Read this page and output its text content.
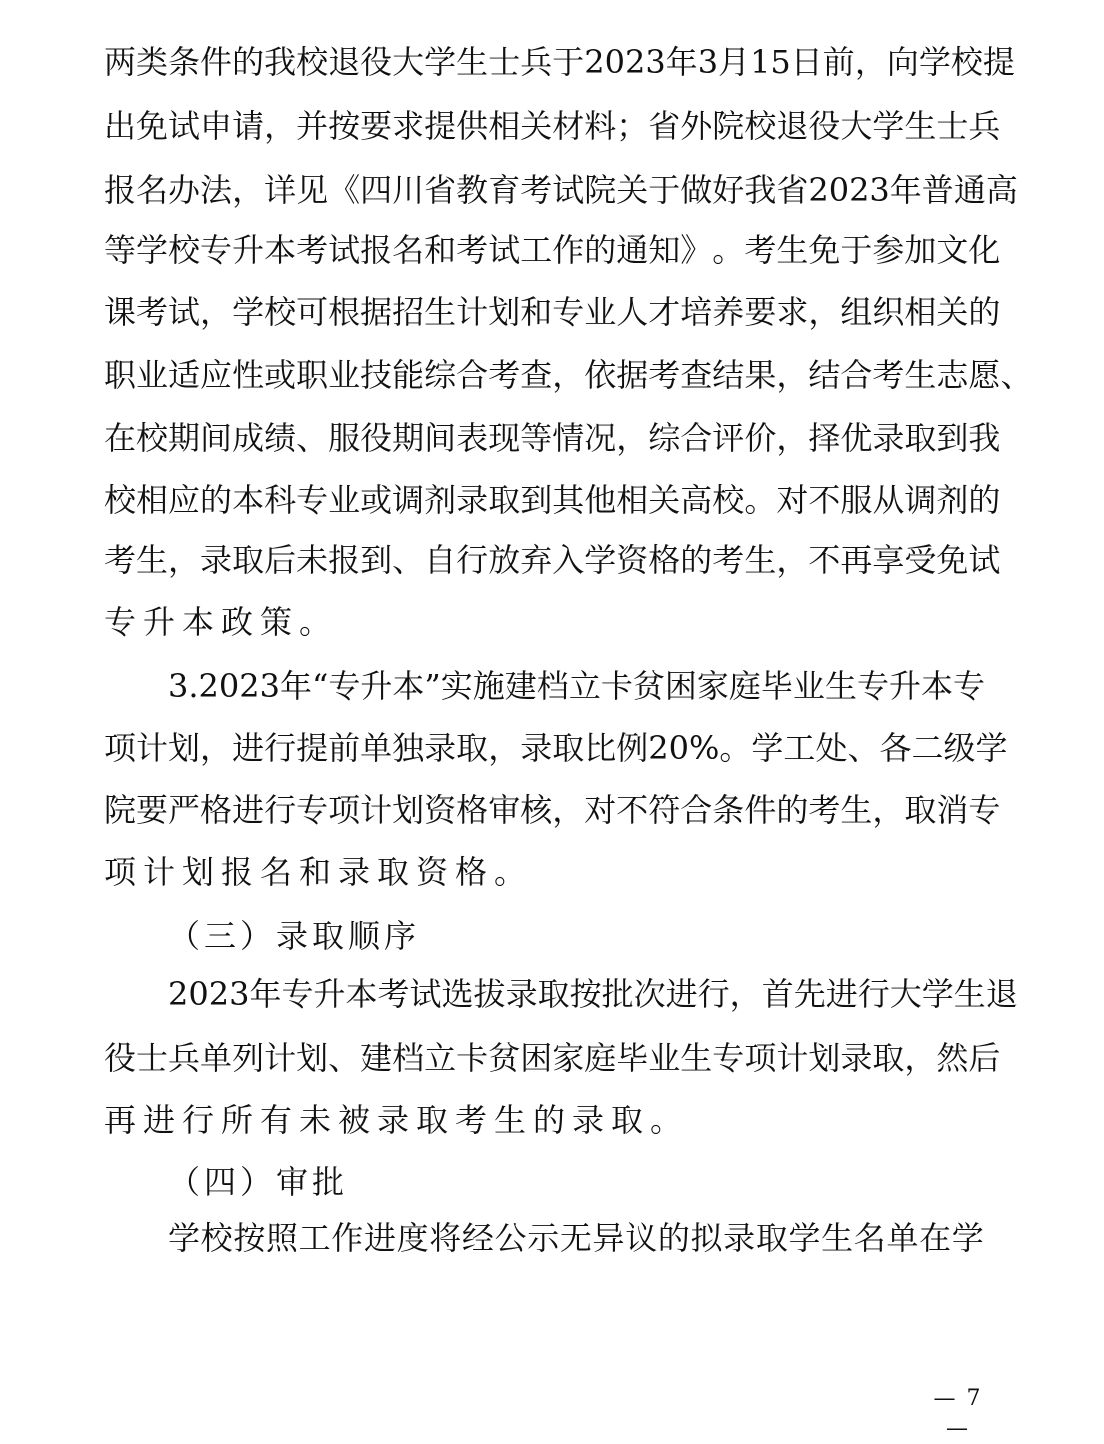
两 类 条 件 的 我 校 退 役 大 学 生 士 兵 于 2023 年 3 月 15 日 前 ， 向 学 校 提
出 免 试 申 请 ， 并 按 要 求 提 供 相 关 材 料 ； 省 外 院 校 退 役 大 学 生 士 兵
报 名 办 法 ， 详 见 《 四 川 省 教 育 考 试 院 关 于 做 好 我 省 2023 年 普 通 高
等 学 校 专 升 本 考 试 报 名 和 考 试 工 作 的 通 知 》 。 考 生 免 于 参 加 文 化
课 考 试 ， 学 校 可 根 据 招 生 计 划 和 专 业 人 才 培 养 要 求 ， 组 织 相 关 的
职 业 适 应 性 或 职 业 技 能 综 合 考 查 ， 依 据 考 查 结 果 ， 结 合 考 生 志 愿 、
在 校 期 间 成 绩 、 服 役 期 间 表 现 等 情 况 ， 综 合 评 价 ， 择 优 录 取 到 我
校 相 应 的 本 科 专 业 或 调 剂 录 取 到 其 他 相 关 高 校 。 对 不 服 从 调 剂 的
考 生 ， 录 取 后 未 报 到 、 自 行 放 弃 入 学 资 格 的 考 生 ， 不 再 享 受 免 试
专升本政策。
3.2023 年 “ 专 升 本 ” 实 施 建 档 立 卡 贫 困 家 庭 毕 业 生 专 升 本 专
项 计 划 ， 进 行 提 前 单 独 录 取 ， 录 取 比 例 20% 。 学 工 处 、 各 二 级 学
院 要 严 格 进 行 专 项 计 划 资 格 审 核 ， 对 不 符 合 条 件 的 考 生 ， 取 消 专
项计划报名和录取资格。
（三）录取顺序
2023 年 专 升 本 考 试 选 拔 录 取 按 批 次 进 行 ， 首 先 进 行 大 学 生 退
役 士 兵 单 列 计 划 、 建 档 立 卡 贫 困 家 庭 毕 业 生 专 项 计 划 录 取 ， 然 后
再进行所有未被录取考生的录取。
（四）审批
学 校 按 照 工 作 进 度 将 经 公 示 无 异 议 的 拟 录 取 学 生 名 单 在 学
— 7 —
